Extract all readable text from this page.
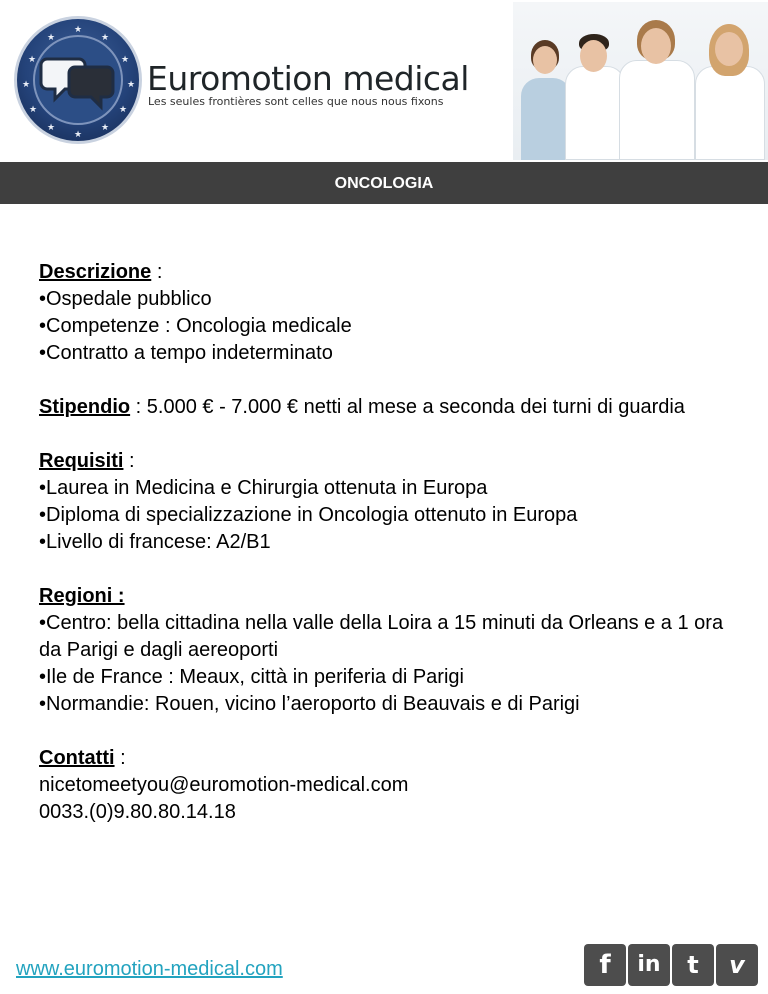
★
★
★
★
★
★
★
★
★
★
★
★
Euromotion medical
Les seules frontières sont celles que nous nous fixons
ONCOLOGIA

Descrizione :

•Ospedale pubblico

•Competenze : Oncologia medicale

•Contratto a tempo indeterminato

Stipendio : 5.000 € - 7.000 € netti al mese a seconda dei turni di guardia

Requisiti :

•Laurea in Medicina e Chirurgia ottenuta in Europa

•Diploma di specializzazione in Oncologia ottenuto in Europa

•Livello di francese: A2/B1

Regioni :

•Centro: bella cittadina nella valle della Loira a 15 minuti da Orleans e a 1 ora da Parigi e dagli aereoporti

•Ile de France : Meaux, città in periferia di Parigi

•Normandie: Rouen, vicino l’aeroporto di Beauvais e di Parigi

Contatti :

nicetomeetyou@euromotion-medical.com

0033.(0)9.80.80.14.18

www.euromotion-medical.com	f	in	t	v
